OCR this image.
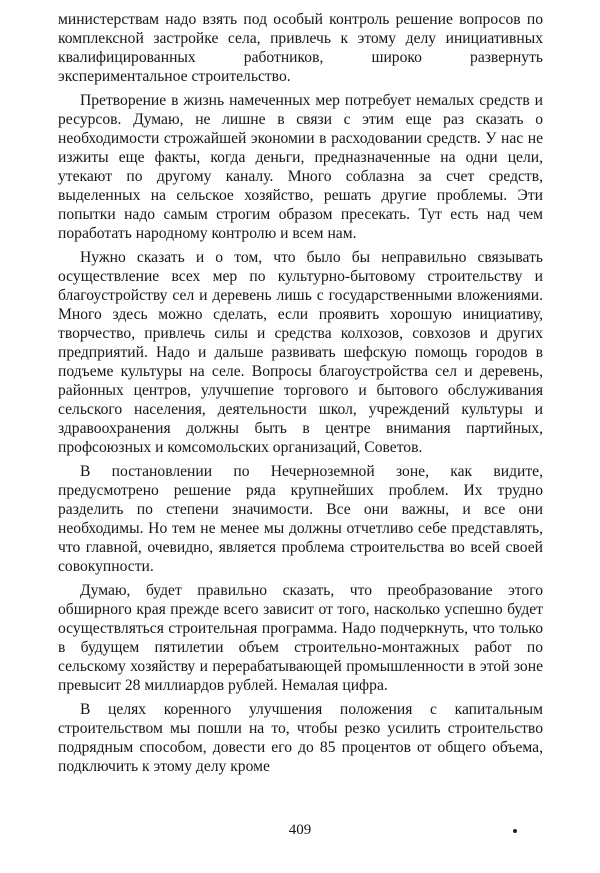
министерствам надо взять под особый контроль решение вопросов по комплексной застройке села, привлечь к этому делу инициативных квалифицированных работников, широко развернуть экспериментальное строительство.

Претворение в жизнь намеченных мер потребует немалых средств и ресурсов. Думаю, не лишне в связи с этим еще раз сказать о необходимости строжайшей экономии в расходовании средств. У нас не изжиты еще факты, когда деньги, предназначенные на одни цели, утекают по другому каналу. Много соблазна за счет средств, выделенных на сельское хозяйство, решать другие проблемы. Эти попытки надо самым строгим образом пресекать. Тут есть над чем поработать народному контролю и всем нам.

Нужно сказать и о том, что было бы неправильно связывать осуществление всех мер по культурно-бытовому строительству и благоустройству сел и деревень лишь с государственными вложениями. Много здесь можно сделать, если проявить хорошую инициативу, творчество, привлечь силы и средства колхозов, совхозов и других предприятий. Надо и дальше развивать шефскую помощь городов в подъеме культуры на селе. Вопросы благоустройства сел и деревень, районных центров, улучшепие торгового и бытового обслуживания сельского населения, деятельности школ, учреждений культуры и здравоохранения должны быть в центре внимания партийных, профсоюзных и комсомольских организаций, Советов.

В постановлении по Нечерноземной зоне, как видите, предусмотрено решение ряда крупнейших проблем. Их трудно разделить по степени значимости. Все они важны, и все они необходимы. Но тем не менее мы должны отчетливо себе представлять, что главной, очевидно, является проблема строительства во всей своей совокупности.

Думаю, будет правильно сказать, что преобразование этого обширного края прежде всего зависит от того, насколько успешно будет осуществляться строительная программа. Надо подчеркнуть, что только в будущем пятилетии объем строительно-монтажных работ по сельскому хозяйству и перерабатывающей промышленности в этой зоне превысит 28 миллиардов рублей. Немалая цифра.

В целях коренного улучшения положения с капитальным строительством мы пошли на то, чтобы резко усилить строительство подрядным способом, довести его до 85 процентов от общего объема, подключить к этому делу кроме

409
